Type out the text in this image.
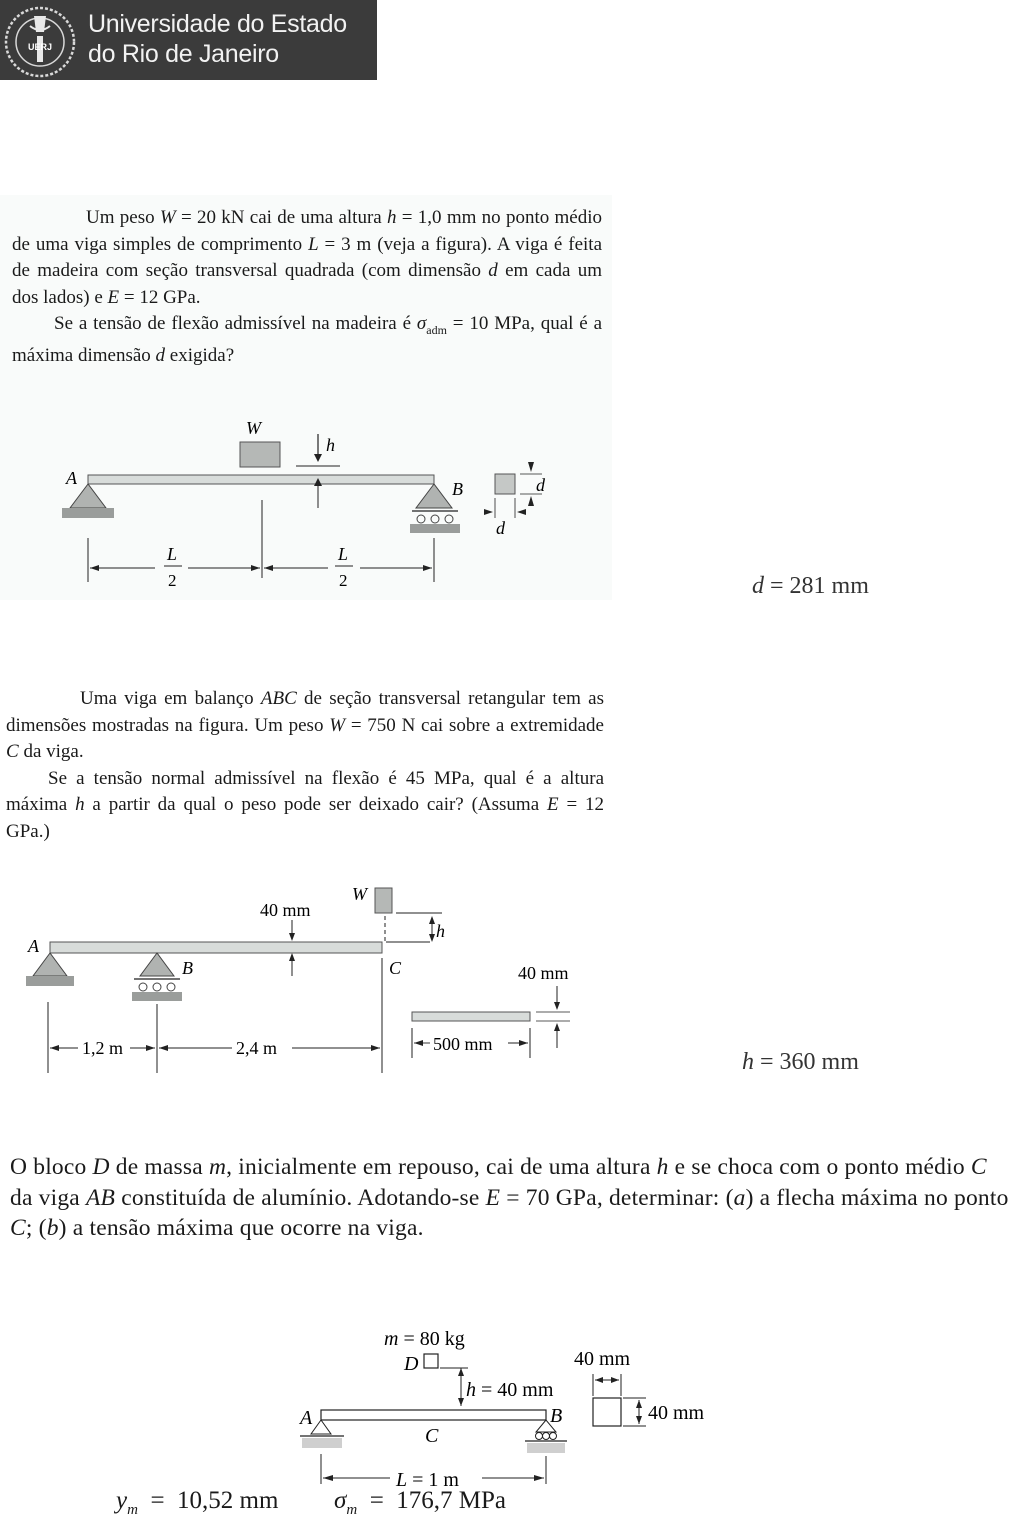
UERJ
Universidade do Estado
do Rio de Janeiro

Um peso W = 20 kN cai de uma altura h = 1,0 mm no ponto médio de uma viga simples de comprimento L = 3 m (veja a figura). A viga é feita de madeira com seção transversal quadrada (com dimensão d em cada um dos lados) e E = 12 GPa.
Se a tensão de flexão admissível na madeira é $\sigma_{adm} = 10$ MPa, qual é a máxima dimensão d exigida?

W
h
A
B	d
d
L
2
L
2	d = 281 mm

Uma viga em balanço ABC de seção transversal retangular tem as dimensões mostradas na figura. Um peso W = 750 N cai sobre a extremidade C da viga.
Se a tensão normal admissível na flexão é 45 MPa, qual é a altura máxima h a partir da qual o peso pode ser deixado cair? (Assuma E = 12 GPa.)

W
h
40 mm
A
B	C
1,2 m	2,4 m
40 mm
500 mm
h = 360 mm

O bloco D de massa m, inicialmente em repouso, cai de uma altura h e se choca com o ponto médio C da viga AB constituída de alumínio. Adotando-se E = 70 GPa, determinar: (a) a flecha máxima no ponto C; (b) a tensão máxima que ocorre na viga.

m = 80 kg
D
h = 40 mm
A	B
C
L = 1 m
40 mm
40 mm
$y_m = 10,52$ mm $\sigma_m = 176,7$ MPa
